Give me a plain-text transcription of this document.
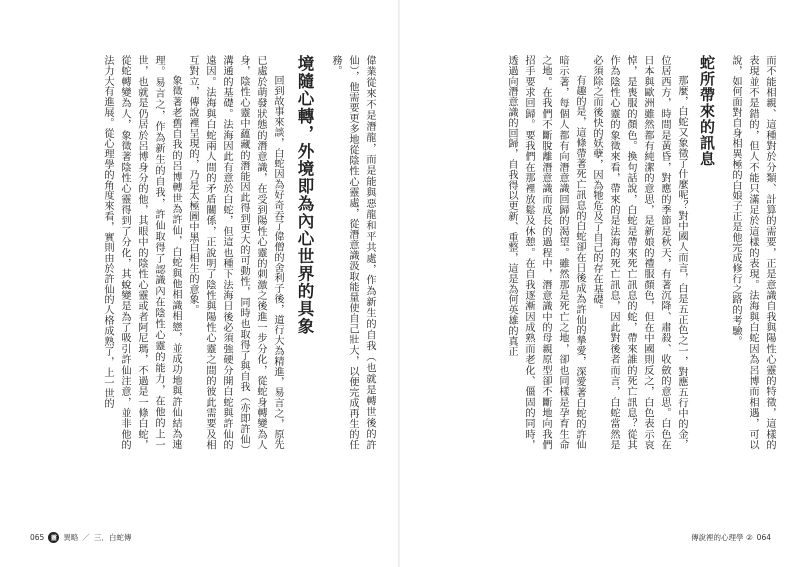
而不能相親、這種對於分類、計算的需要，正是意識自我與陽性心靈的特徵，這樣的表現並不是錯的，但人不能只滿足於這樣的表現。法海與白蛇因為呂博而相遇，可以說，如何面對自身相異極的白娘子正是他完成修行之路的考驗。

蛇所帶來的訊息

那麼，白蛇又象徵了什麼呢？對中國人而言，白是五正色之一，對應五行中的金，位居西方，時間是黃昏，對應的季節是秋天，有著沉降、肅殺、收斂的意思。白色在日本與歐洲雖然都有純潔的意思，是新娘的禮服顏色，但在中國則反之，白色表示哀悼，是喪服的顏色。換句話說，白蛇是帶來死亡訊息的蛇，帶來誰的死亡訊息？從其作為陰性心靈的象徵來看，帶來的是法海的死亡訊息，因此對後者而言，白蛇當然是必須除之而後快的妖孽，因為牠危及了自己的存在基礎。

有趣的是，這條帶著死亡訊息的白蛇卻在日後成為許仙的摯愛，深愛著白蛇的許仙暗示著，每個人都有向潛意識回歸的渴望。雖然那是死亡之地，卻也同樣是孕育生命之地。在我們不斷脫離潛意識而成長的過程中，潛意識中的母親原型卻不斷地向我們招手要求回歸。要我們在那裡放鬆及休憩。在自我逐漸因成熟而老化、僵固的同時，透過向潛意識的回歸，自我得以更新、重整，這是為何英雄的真正

傳說裡的心理學 ② 064

偉業從來不是潛龍，而是能與惡龍和平共處，作為新生的自我（也就是轉世後的許仙），他需要更多地從陰性心靈處，從潛意識汲取能量使自己壯大，以便完成再生的任務。

境隨心轉，外境即為內心世界的具象

回到故事來談，白蛇因為好奇吞了偉僧的舍利子後，道行大為精進，易言之，原先已處於萌發狀態的潛意識，在受到陽性心靈的刺激之後進一步分化，從蛇身轉變為人身，陰性心靈中蘊藏的潛能因此得到更大的可動性，同時也取得了與自我（亦即許仙）溝通的基礎。法海因此有意於白蛇，但這也種下法海日後必須強硬分開白蛇與許仙的遠因。法海與白蛇兩人間的矛盾關係，正說明了陰性與陽性心靈之間的彼此需要及相互對立，傳說裡呈現的，乃是太極圖中黑白相生的意象。

象徵著老舊自我的呂博轉世為許仙，白蛇與他相識相戀，並成功地與許仙結為連理。易言之，作為新生的自我，許仙取得了認識內在陰性心靈的能力，在他的上一世，也就是仍居於呂博身分的他，其眼中的陰性心靈或者阿尼瑪，不過是一條白蛇，從蛇轉變為人，象徵著陰性心靈得到了分化，其蛻變是為了吸引許仙注意，並非他的法力大有進展。從心理學的角度來看，實則由於許仙的人格成熟了，上一世的

065	靈 異略 ／ 三．白蛇傳
